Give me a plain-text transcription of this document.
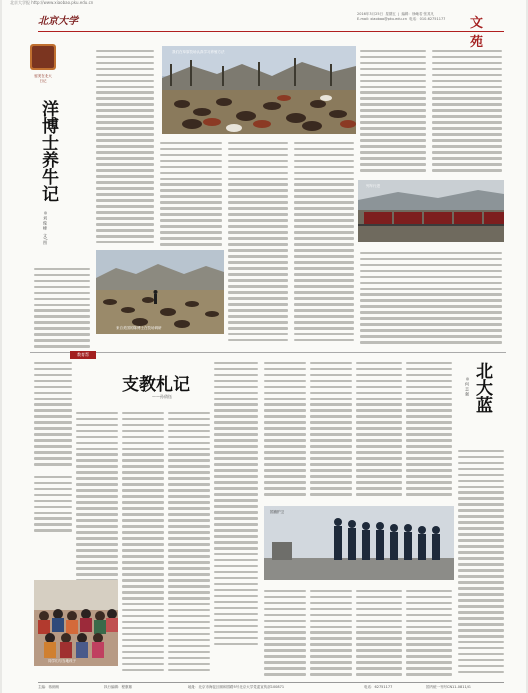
北京大学报 http://www.xiaobao.pku.edu.cn
北京大学
2016年3月25日  星期五  |  编辑：徐岫若 张其凡
E-mail: xiaobao@pku.edu.cn  电话：010-62751177 文 苑
留美在北大 日记
洋博士养牛记
◎刘俊峰 文/图
我们在草原牧场认真学习养殖方法
来自美国的陈博士在牧场调研
列车行进
教育帮
支教札记
——孙倩钰
同学们与当地孩子
北大蓝
◎何志强
国旗护卫
主编：蒋朗朗	执行编辑：程康雄	地址：北京市海淀区颐和园路5号北京大学党委宣传部100871	电话：62751177	国内统一刊号CN11-0811/G
